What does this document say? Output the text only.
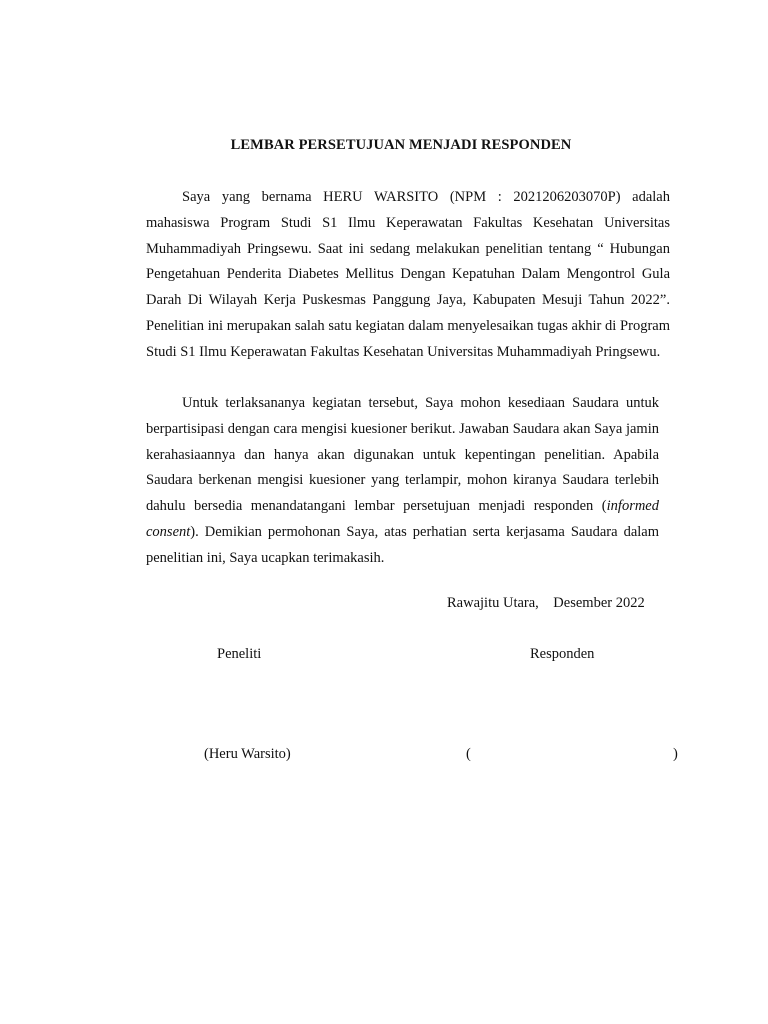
LEMBAR PERSETUJUAN MENJADI RESPONDEN

Saya yang bernama HERU WARSITO (NPM : 2021206203070P) adalah mahasiswa Program Studi S1 Ilmu Keperawatan Fakultas Kesehatan Universitas Muhammadiyah Pringsewu. Saat ini sedang melakukan penelitian tentang “ Hubungan Pengetahuan Penderita Diabetes Mellitus Dengan Kepatuhan Dalam Mengontrol Gula Darah Di Wilayah Kerja Puskesmas Panggung Jaya, Kabupaten Mesuji Tahun 2022”. Penelitian ini merupakan salah satu kegiatan dalam menyelesaikan tugas akhir di Program Studi S1 Ilmu Keperawatan Fakultas Kesehatan Universitas Muhammadiyah Pringsewu.

Untuk terlaksananya kegiatan tersebut, Saya mohon kesediaan Saudara untuk berpartisipasi dengan cara mengisi kuesioner berikut. Jawaban Saudara akan Saya jamin kerahasiaannya dan hanya akan digunakan untuk kepentingan penelitian. Apabila Saudara berkenan mengisi kuesioner yang terlampir, mohon kiranya Saudara terlebih dahulu bersedia menandatangani lembar persetujuan menjadi responden (informed consent). Demikian permohonan Saya, atas perhatian serta kerjasama Saudara dalam penelitian ini, Saya ucapkan terimakasih.

Rawajitu Utara,    Desember 2022
Peneliti	Responden
(Heru Warsito)	(	)
